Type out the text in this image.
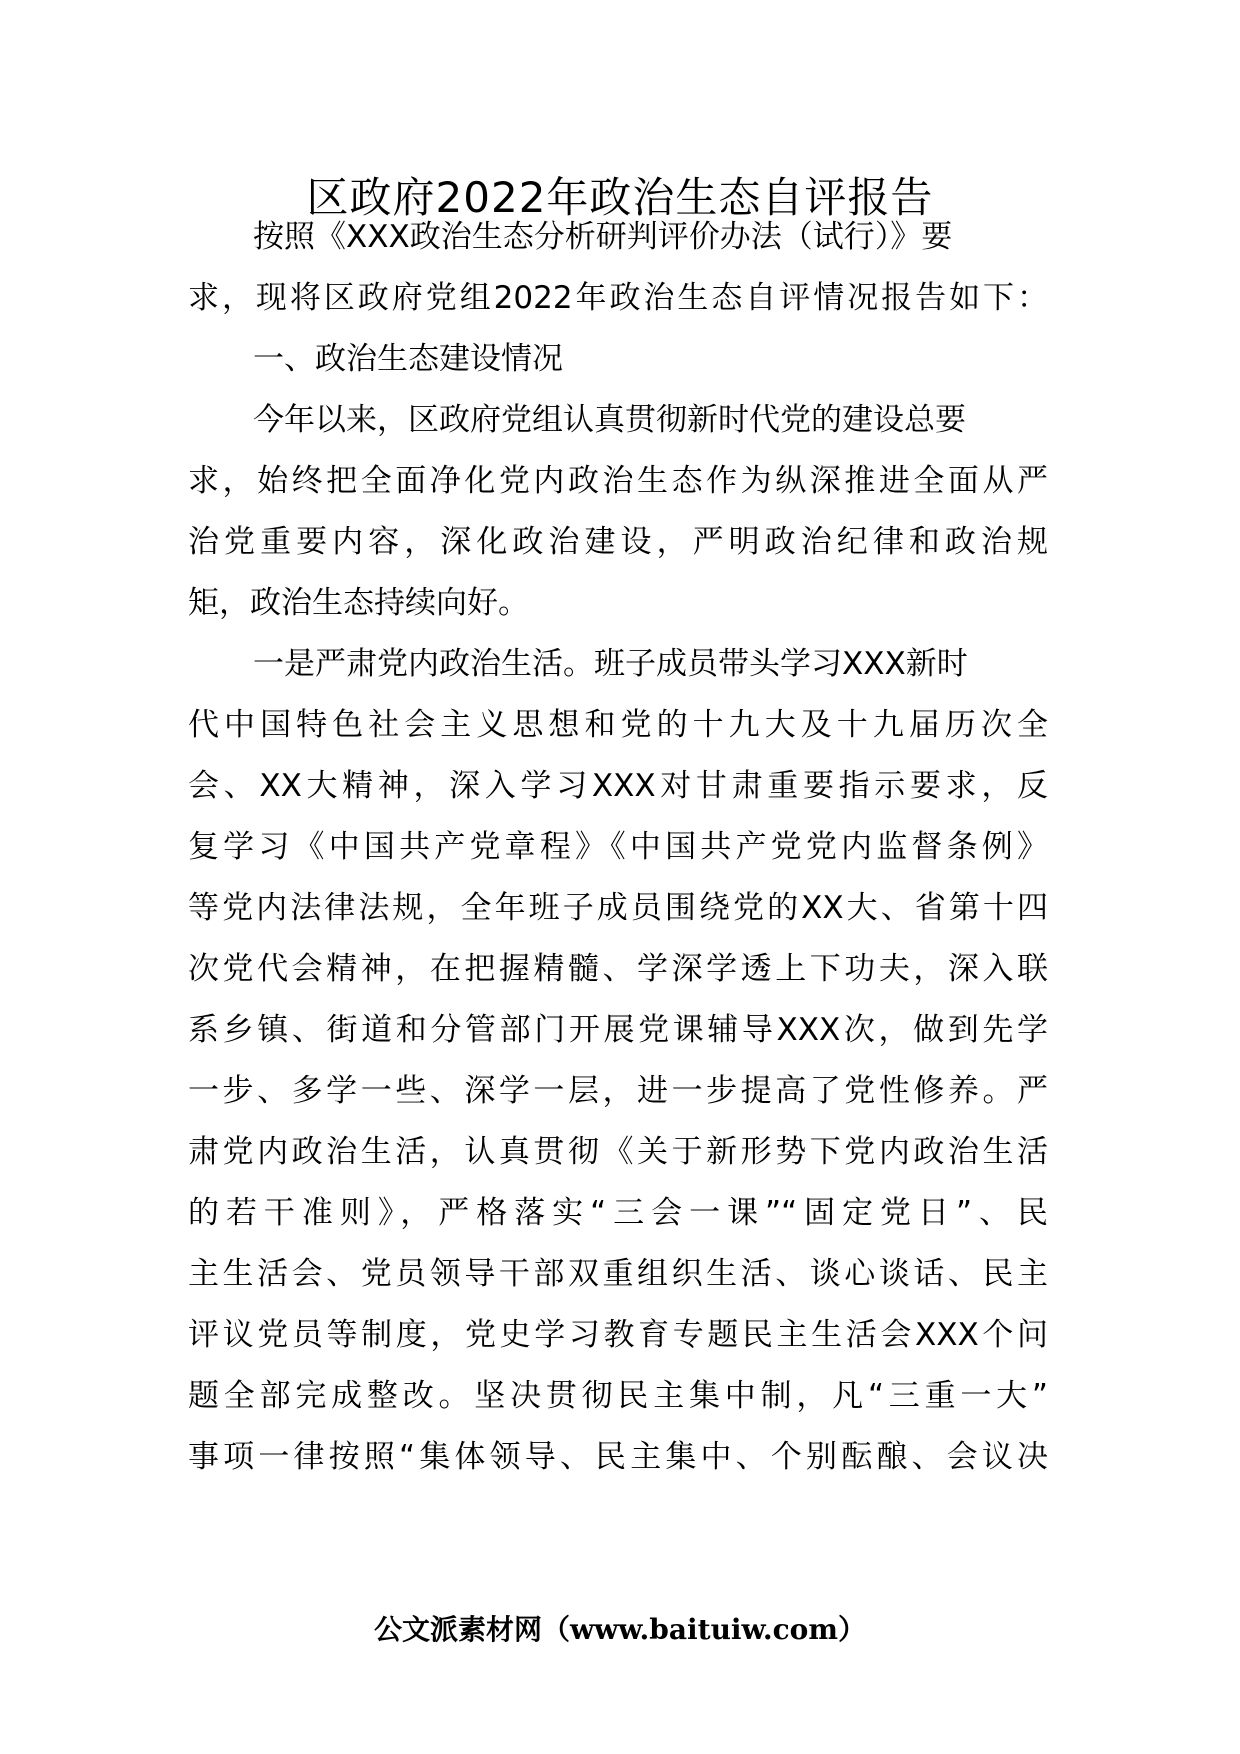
区政府2022年政治生态自评报告
按照《XXX政治生态分析研判评价办法（试行）》要
求，现将区政府党组2022年政治生态自评情况报告如下：
一、政治生态建设情况
今年以来，区政府党组认真贯彻新时代党的建设总要
求，始终把全面净化党内政治生态作为纵深推进全面从严
治党重要内容，深化政治建设，严明政治纪律和政治规
矩，政治生态持续向好。
一是严肃党内政治生活。班子成员带头学习XXX新时
代中国特色社会主义思想和党的十九大及十九届历次全
会、XX大精神，深入学习XXX对甘肃重要指示要求，反
复学习《中国共产党章程》《中国共产党党内监督条例》
等党内法律法规，全年班子成员围绕党的XX大、省第十四
次党代会精神，在把握精髓、学深学透上下功夫，深入联
系乡镇、街道和分管部门开展党课辅导XXX次，做到先学
一步、多学一些、深学一层，进一步提高了党性修养。严
肃党内政治生活，认真贯彻《关于新形势下党内政治生活
的若干准则》，严格落实“三会一课”“固定党日”、民
主生活会、党员领导干部双重组织生活、谈心谈话、民主
评议党员等制度，党史学习教育专题民主生活会XXX个问
题全部完成整改。坚决贯彻民主集中制，凡“三重一大”
事项一律按照“集体领导、民主集中、个别酝酿、会议决
公文派素材网（www.baituiw.com）
